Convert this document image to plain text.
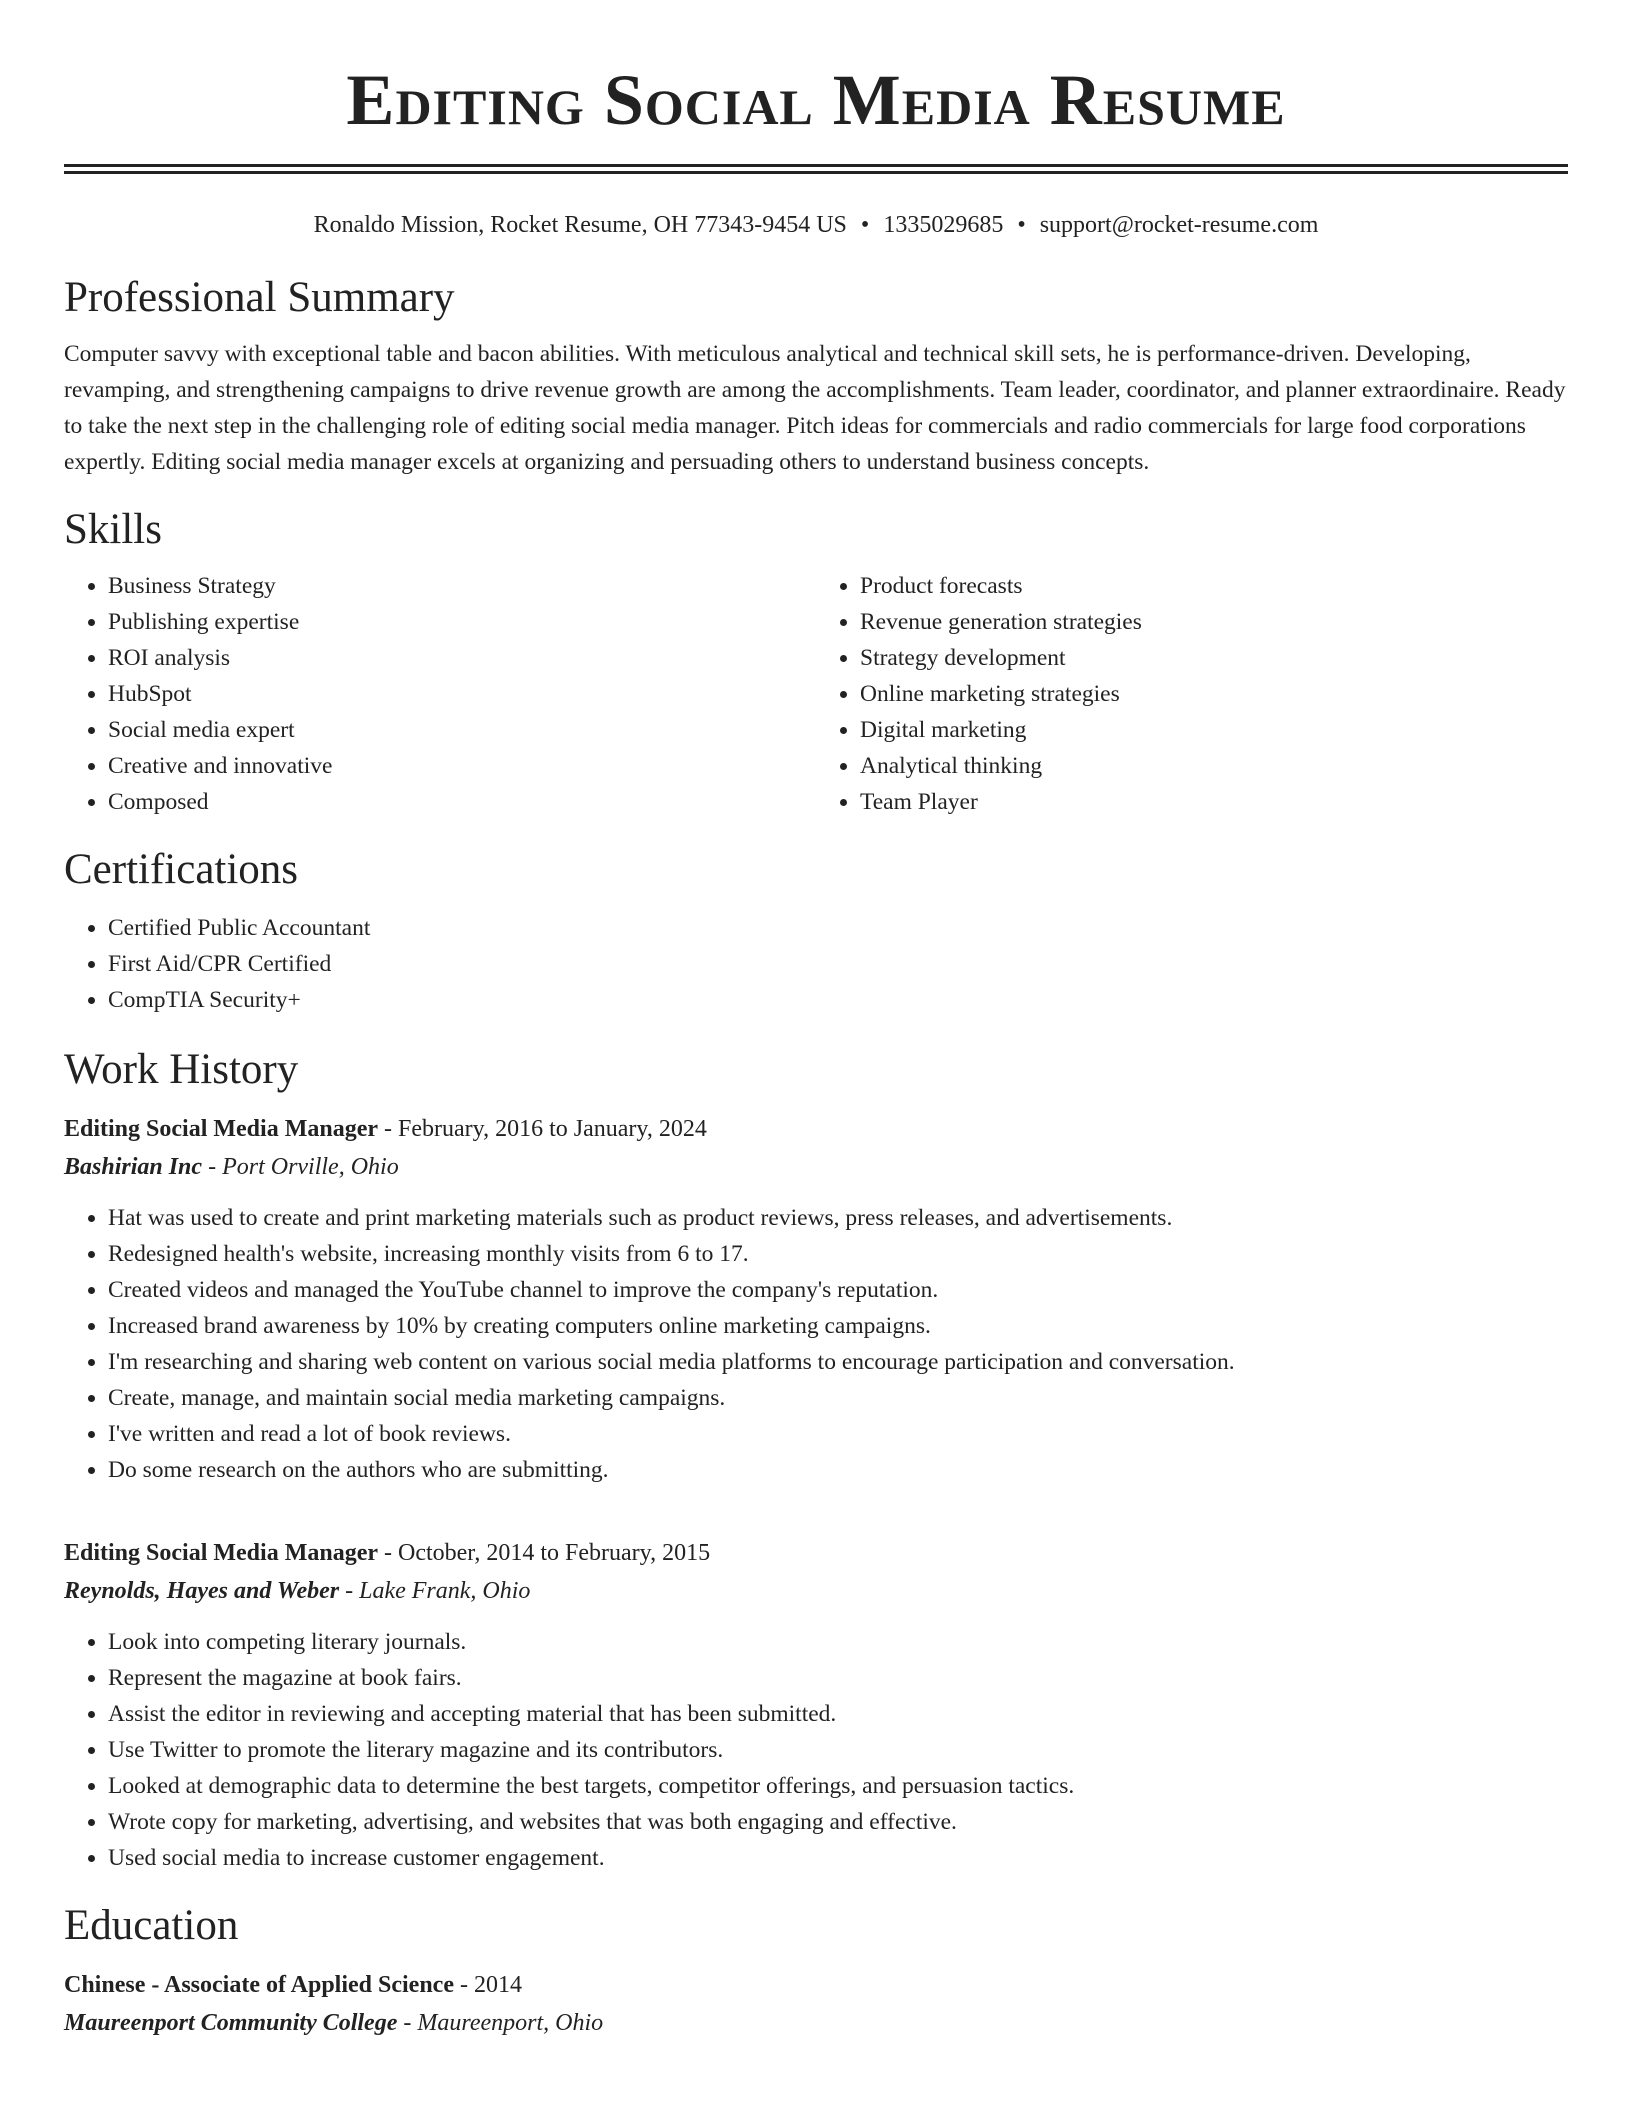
Editing Social Media Resume
Ronaldo Mission, Rocket Resume, OH 77343-9454 US • 1335029685 • support@rocket-resume.com
Professional Summary

Computer savvy with exceptional table and bacon abilities. With meticulous analytical and technical skill sets, he is performance-driven. Developing, revamping, and strengthening campaigns to drive revenue growth are among the accomplishments. Team leader, coordinator, and planner extraordinaire. Ready to take the next step in the challenging role of editing social media manager. Pitch ideas for commercials and radio commercials for large food corporations expertly. Editing social media manager excels at organizing and persuading others to understand business concepts.

Skills
• Business Strategy
• Publishing expertise
• ROI analysis
• HubSpot
• Social media expert
• Creative and innovative
• Composed
• Product forecasts
• Revenue generation strategies
• Strategy development
• Online marketing strategies
• Digital marketing
• Analytical thinking
• Team Player
Certifications
• Certified Public Accountant
• First Aid/CPR Certified
• CompTIA Security+
Work History
Editing Social Media Manager - February, 2016 to January, 2024
Bashirian Inc - Port Orville, Ohio
• Hat was used to create and print marketing materials such as product reviews, press releases, and advertisements.
• Redesigned health's website, increasing monthly visits from 6 to 17.
• Created videos and managed the YouTube channel to improve the company's reputation.
• Increased brand awareness by 10% by creating computers online marketing campaigns.
• I'm researching and sharing web content on various social media platforms to encourage participation and conversation.
• Create, manage, and maintain social media marketing campaigns.
• I've written and read a lot of book reviews.
• Do some research on the authors who are submitting.
Editing Social Media Manager - October, 2014 to February, 2015
Reynolds, Hayes and Weber - Lake Frank, Ohio
• Look into competing literary journals.
• Represent the magazine at book fairs.
• Assist the editor in reviewing and accepting material that has been submitted.
• Use Twitter to promote the literary magazine and its contributors.
• Looked at demographic data to determine the best targets, competitor offerings, and persuasion tactics.
• Wrote copy for marketing, advertising, and websites that was both engaging and effective.
• Used social media to increase customer engagement.
Education
Chinese - Associate of Applied Science - 2014
Maureenport Community College - Maureenport, Ohio
